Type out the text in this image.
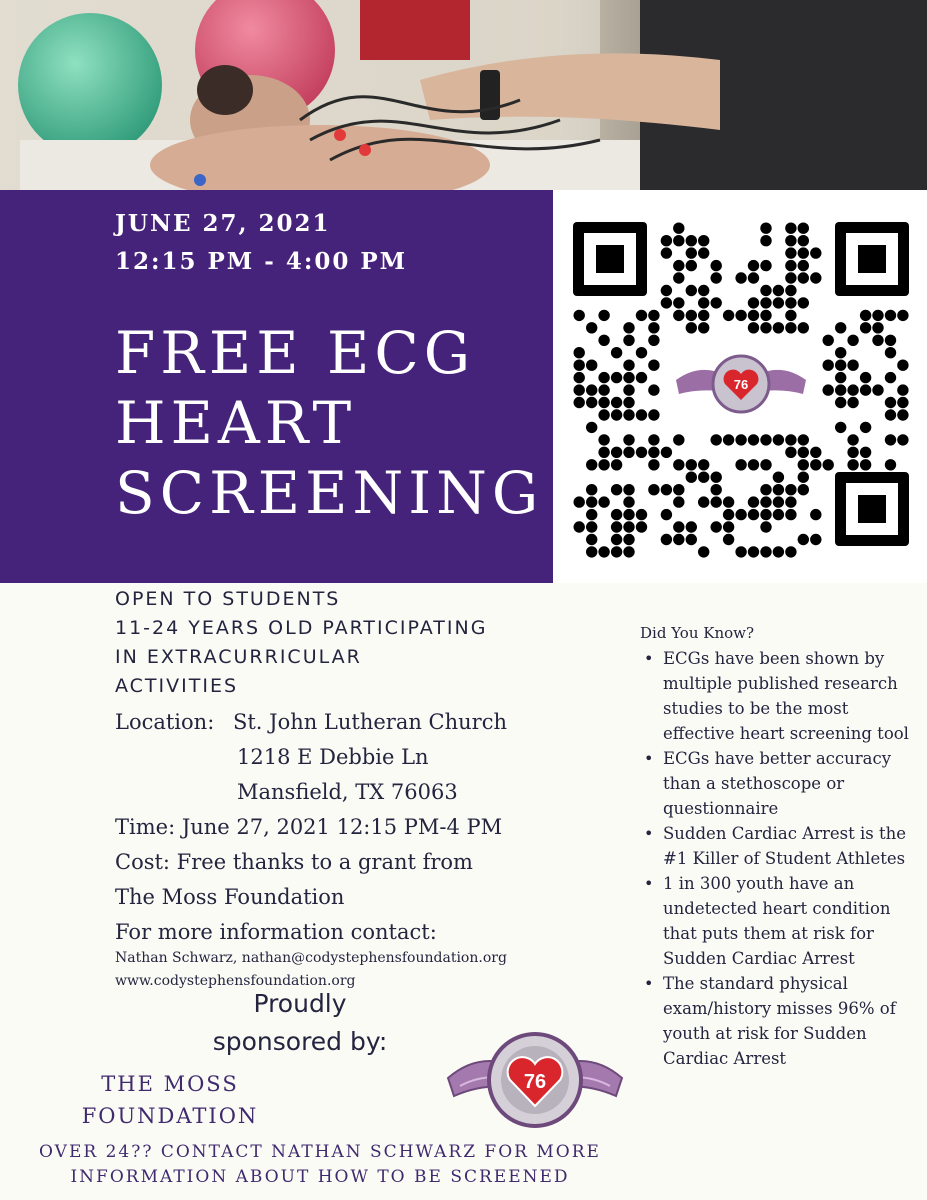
JUNE 27, 2021
12:15 PM - 4:00 PM
FREE ECG
HEART
SCREENING
76
OPEN TO STUDENTS
11-24 YEARS OLD PARTICIPATING
IN EXTRACURRICULAR
ACTIVITIES
Location: St. John Lutheran Church
1218 E Debbie Ln
Mansfield, TX 76063
Time: June 27, 2021 12:15 PM-4 PM
Cost: Free thanks to a grant from
The Moss Foundation
For more information contact:
Nathan Schwarz, nathan@codystephensfoundation.org
www.codystephensfoundation.org
Proudly
sponsored by:
THE MOSS
FOUNDATION
76
OVER 24?? CONTACT NATHAN SCHWARZ FOR MORE
INFORMATION ABOUT HOW TO BE SCREENED
Did You Know?
• ECGs have been shown by multiple published research studies to be the most effective heart screening tool
• ECGs have better accuracy than a stethoscope or questionnaire
• Sudden Cardiac Arrest is the #1 Killer of Student Athletes
• 1 in 300 youth have an undetected heart condition that puts them at risk for Sudden Cardiac Arrest
• The standard physical exam/history misses 96% of youth at risk for Sudden Cardiac Arrest
